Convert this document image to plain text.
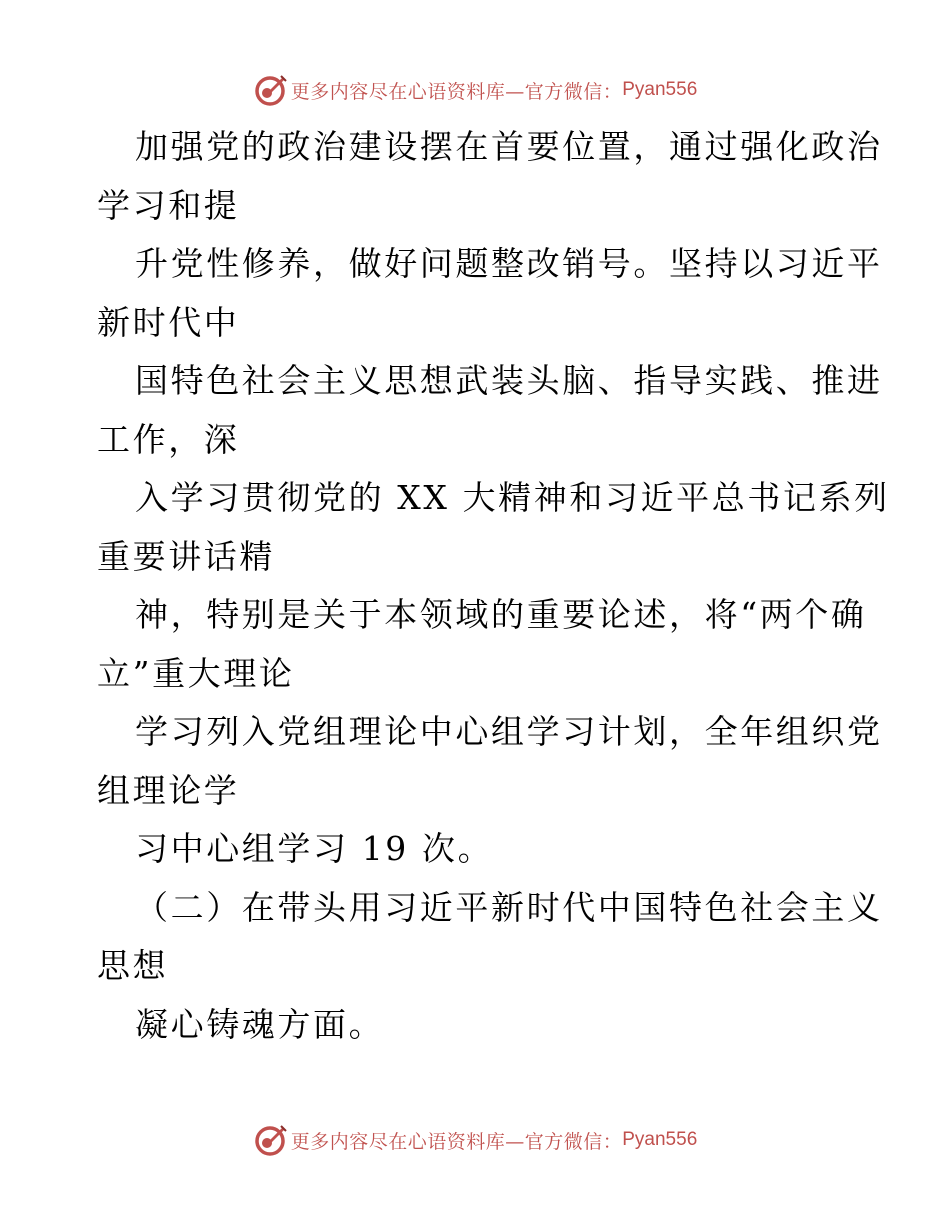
更多内容尽在心语资料库—官方微信： Pyan556
加强党的政治建设摆在首要位置，通过强化政治
学习和提
升党性修养，做好问题整改销号。坚持以习近平
新时代中
国特色社会主义思想武装头脑、指导实践、推进
工作，深
入学习贯彻党的 XX 大精神和习近平总书记系列
重要讲话精
神，特别是关于本领域的重要论述，将“两个确
立”重大理论
学习列入党组理论中心组学习计划，全年组织党
组理论学
习中心组学习 19 次。
（二）在带头用习近平新时代中国特色社会主义
思想
凝心铸魂方面。
更多内容尽在心语资料库—官方微信： Pyan556
